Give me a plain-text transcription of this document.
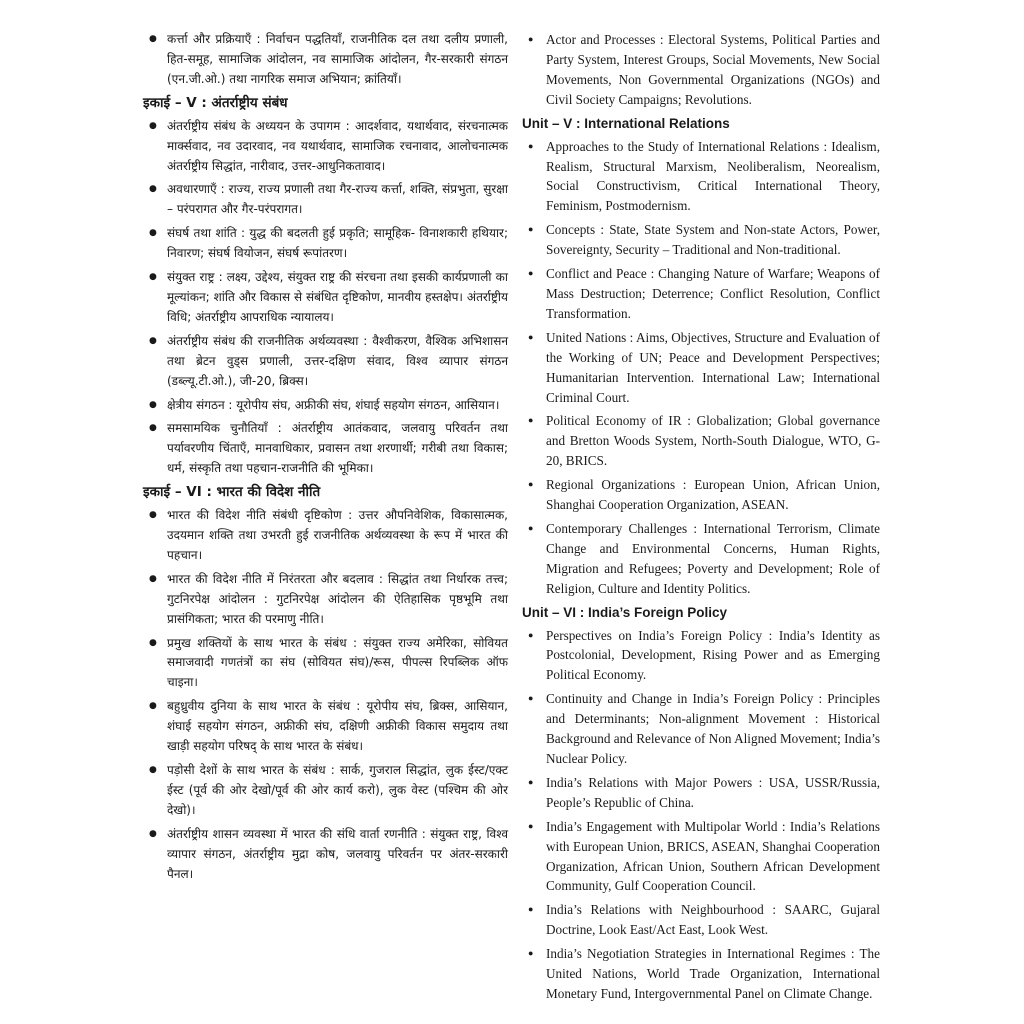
● कर्त्ता और प्रक्रियाएँ : निर्वाचन पद्धतियाँ, राजनीतिक दल तथा दलीय प्रणाली, हित-समूह, सामाजिक आंदोलन, नव सामाजिक आंदोलन, गैर-सरकारी संगठन (एन.जी.ओ.) तथा नागरिक समाज अभियान; क्रांतियाँ।
इकाई – V : अंतर्राष्ट्रीय संबंध
● अंतर्राष्ट्रीय संबंध के अध्ययन के उपागम : आदर्शवाद, यथार्थवाद, संरचनात्मक मार्क्सवाद, नव उदारवाद, नव यथार्थवाद, सामाजिक रचनावाद, आलोचनात्मक अंतर्राष्ट्रीय सिद्धांत, नारीवाद, उत्तर-आधुनिकतावाद।
● अवधारणाएँ : राज्य, राज्य प्रणाली तथा गैर-राज्य कर्त्ता, शक्ति, संप्रभुता, सुरक्षा – परंपरागत और गैर-परंपरागत।
● संघर्ष तथा शांति : युद्ध की बदलती हुई प्रकृति; सामूहिक- विनाशकारी हथियार; निवारण; संघर्ष वियोजन, संघर्ष रूपांतरण।
● संयुक्त राष्ट्र : लक्ष्य, उद्देश्य, संयुक्त राष्ट्र की संरचना तथा इसकी कार्यप्रणाली का मूल्यांकन; शांति और विकास से संबंधित दृष्टिकोण, मानवीय हस्तक्षेप। अंतर्राष्ट्रीय विधि; अंतर्राष्ट्रीय आपराधिक न्यायालय।
● अंतर्राष्ट्रीय संबंध की राजनीतिक अर्थव्यवस्था : वैश्वीकरण, वैश्विक अभिशासन तथा ब्रेटन वुड्स प्रणाली, उत्तर-दक्षिण संवाद, विश्व व्यापार संगठन (डब्ल्यू.टी.ओ.), जी-20, ब्रिक्स।
● क्षेत्रीय संगठन : यूरोपीय संघ, अफ्रीकी संघ, शंघाई सहयोग संगठन, आसियान।
● समसामयिक चुनौतियाँ : अंतर्राष्ट्रीय आतंकवाद, जलवायु परिवर्तन तथा पर्यावरणीय चिंताएँ, मानवाधिकार, प्रवासन तथा शरणार्थी; गरीबी तथा विकास; धर्म, संस्कृति तथा पहचान-राजनीति की भूमिका।
इकाई – VI : भारत की विदेश नीति
● भारत की विदेश नीति संबंधी दृष्टिकोण : उत्तर औपनिवेशिक, विकासात्मक, उदयमान शक्ति तथा उभरती हुई राजनीतिक अर्थव्यवस्था के रूप में भारत की पहचान।
● भारत की विदेश नीति में निरंतरता और बदलाव : सिद्धांत तथा निर्धारक तत्त्व; गुटनिरपेक्ष आंदोलन : गुटनिरपेक्ष आंदोलन की ऐतिहासिक पृष्ठभूमि तथा प्रासंगिकता; भारत की परमाणु नीति।
● प्रमुख शक्तियों के साथ भारत के संबंध : संयुक्त राज्य अमेरिका, सोवियत समाजवादी गणतंत्रों का संघ (सोवियत संघ)/रूस, पीपल्स रिपब्लिक ऑफ चाइना।
● बहुध्रुवीय दुनिया के साथ भारत के संबंध : यूरोपीय संघ, ब्रिक्स, आसियान, शंघाई सहयोग संगठन, अफ्रीकी संघ, दक्षिणी अफ्रीकी विकास समुदाय तथा खाड़ी सहयोग परिषद् के साथ भारत के संबंध।
● पड़ोसी देशों के साथ भारत के संबंध : सार्क, गुजराल सिद्धांत, लुक ईस्ट/एक्ट ईस्ट (पूर्व की ओर देखो/पूर्व की ओर कार्य करो), लुक वेस्ट (पश्चिम की ओर देखो)।
● अंतर्राष्ट्रीय शासन व्यवस्था में भारत की संधि वार्ता रणनीति : संयुक्त राष्ट्र, विश्व व्यापार संगठन, अंतर्राष्ट्रीय मुद्रा कोष, जलवायु परिवर्तन पर अंतर-सरकारी पैनल।
● Actor and Processes : Electoral Systems, Political Parties and Party System, Interest Groups, Social Movements, New Social Movements, Non Governmental Organizations (NGOs) and Civil Society Campaigns; Revolutions.
Unit – V : International Relations
● Approaches to the Study of International Relations : Idealism, Realism, Structural Marxism, Neoliberalism, Neorealism, Social Constructivism, Critical International Theory, Feminism, Postmodernism.
● Concepts : State, State System and Non-state Actors, Power, Sovereignty, Security – Traditional and Non-traditional.
● Conflict and Peace : Changing Nature of Warfare; Weapons of Mass Destruction; Deterrence; Conflict Resolution, Conflict Transformation.
● United Nations : Aims, Objectives, Structure and Evaluation of the Working of UN; Peace and Development Perspectives; Humanitarian Intervention. International Law; International Criminal Court.
● Political Economy of IR : Globalization; Global governance and Bretton Woods System, North-South Dialogue, WTO, G-20, BRICS.
● Regional Organizations : European Union, African Union, Shanghai Cooperation Organization, ASEAN.
● Contemporary Challenges : International Terrorism, Climate Change and Environmental Concerns, Human Rights, Migration and Refugees; Poverty and Development; Role of Religion, Culture and Identity Politics.
Unit – VI : India’s Foreign Policy
● Perspectives on India’s Foreign Policy : India’s Identity as Postcolonial, Development, Rising Power and as Emerging Political Economy.
● Continuity and Change in India’s Foreign Policy : Principles and Determinants; Non-alignment Movement : Historical Background and Relevance of Non Aligned Movement; India’s Nuclear Policy.
● India’s Relations with Major Powers : USA, USSR/Russia, People’s Republic of China.
● India’s Engagement with Multipolar World : India’s Relations with European Union, BRICS, ASEAN, Shanghai Cooperation Organization, African Union, Southern African Development Community, Gulf Cooperation Council.
● India’s Relations with Neighbourhood : SAARC, Gujaral Doctrine, Look East/Act East, Look West.
● India’s Negotiation Strategies in International Regimes : The United Nations, World Trade Organization, International Monetary Fund, Intergovernmental Panel on Climate Change.
